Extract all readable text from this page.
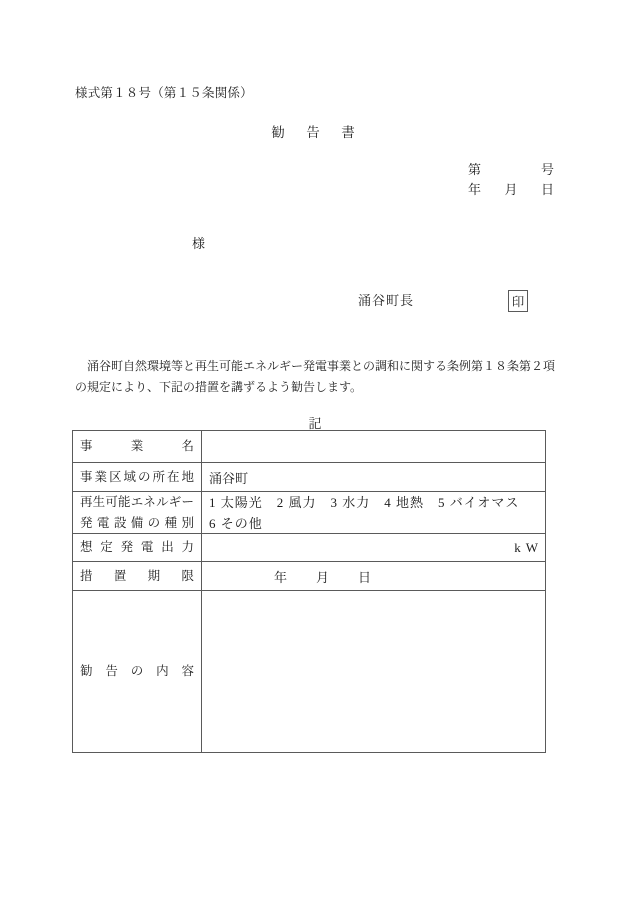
様式第１８号（第１５条関係）
勧　告　書
第	号
年 月 日
様
涌谷町長	印
　涌谷町自然環境等と再生可能エネルギー発電事業との調和に関する条例第１８条第２項
の規定により、下記の措置を講ずるよう勧告します。
記
事業名
事業区域の所在地 涌谷町
再生可能エネルギー
発電設備の種別
1 太陽光　2 風力　3 水力　4 地熱　5 バイオマス
6 その他
想定発電出力	k W
措置期限	年　　月　　日
勧告の内容
